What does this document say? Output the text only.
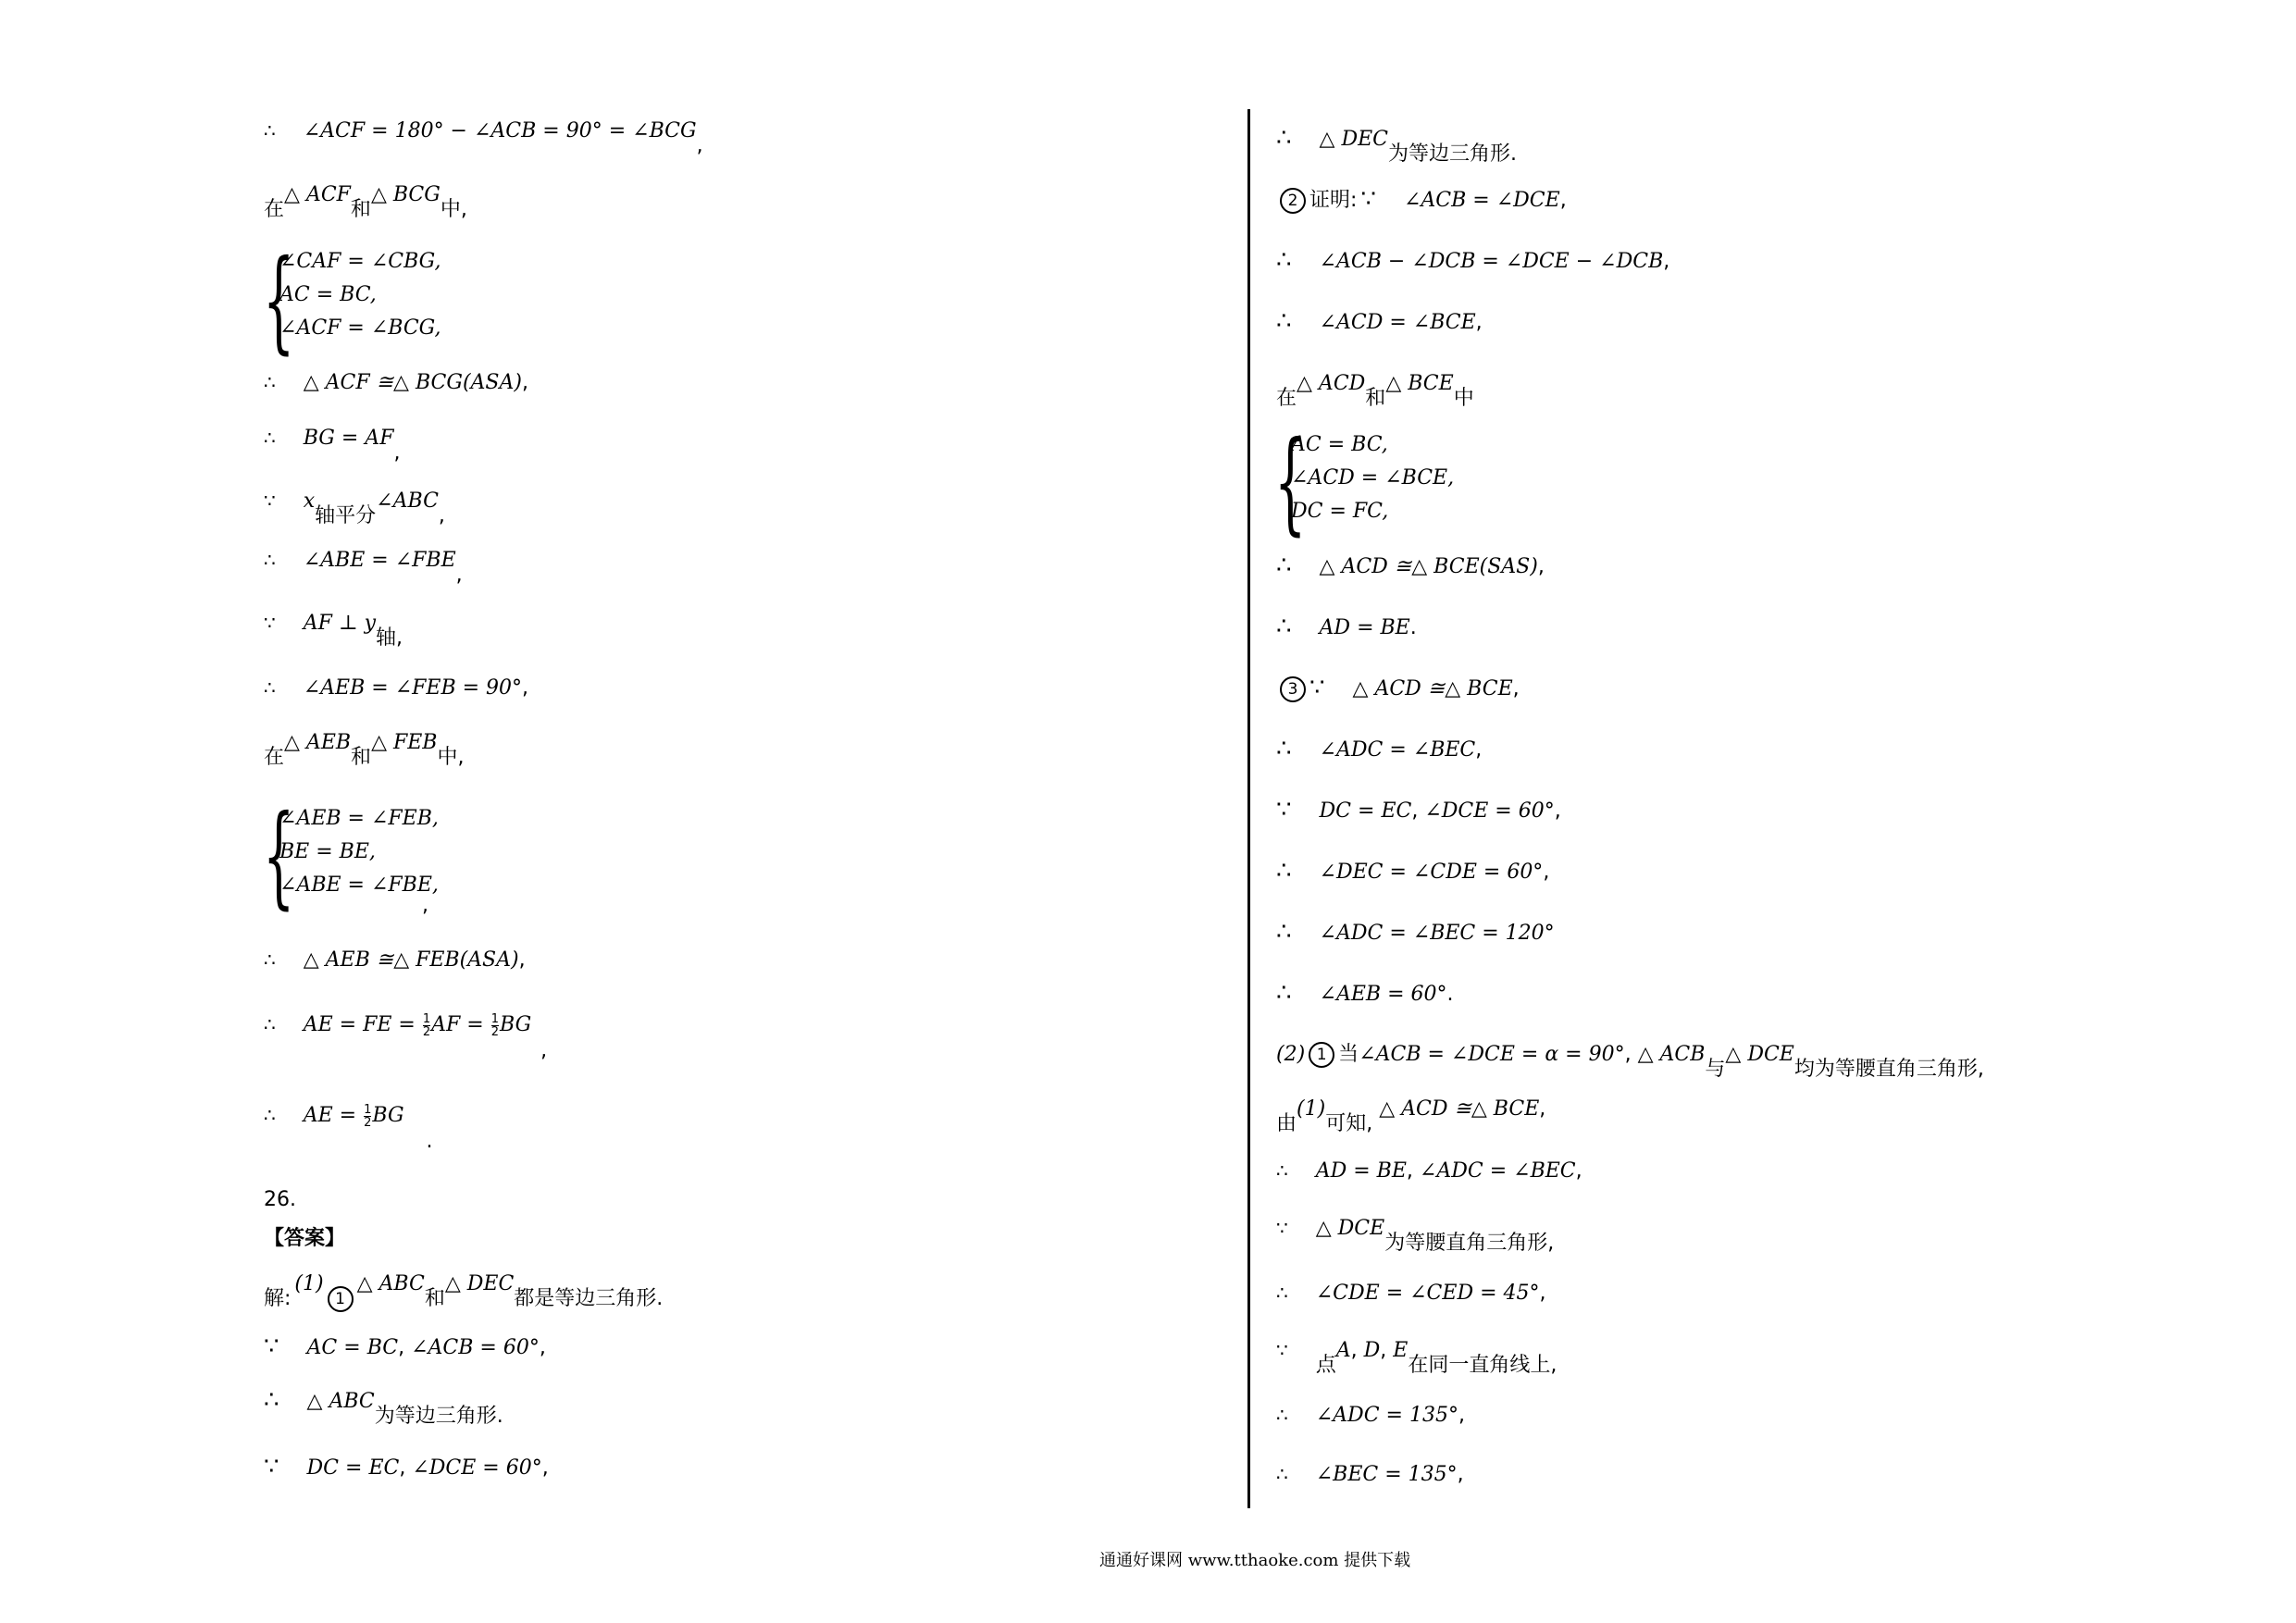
∴ ∠ACF = 180° − ∠ACB = 90° = ∠BCG,
在△ ACF和△ BCG中,
{
∠CAF = ∠CBG,
AC = BC,
∠ACF = ∠BCG,
∴ △ ACF ≅△ BCG(ASA),
∴ BG = AF,
∵ x轴平分∠ABC,
∴ ∠ABE = ∠FBE,
∵ AF ⊥ y轴,
∴ ∠AEB = ∠FEB = 90°,
在△ AEB和△ FEB中,
{
∠AEB = ∠FEB,
BE = BE,
∠ABE = ∠FBE,
,
∴ △ AEB ≅△ FEB(ASA),
∴ AE = FE = $\frac{1}{2}$ AF = $\frac{1}{2}$ BG,
∴ AE = $\frac{1}{2}$ BG.
26.
【答案】
解:(1)1△ ABC和△ DEC都是等边三角形.
∵ AC = BC, ∠ACB = 60°,
∴ △ ABC为等边三角形.
∵ DC = EC, ∠DCE = 60°,
∴ △ DEC为等边三角形.
2 证明: ∵ ∠ACB = ∠DCE,
∴ ∠ACB − ∠DCB = ∠DCE − ∠DCB,
∴ ∠ACD = ∠BCE,
在△ ACD和△ BCE中
{
AC = BC,
∠ACD = ∠BCE,
DC = FC,
∴ △ ACD ≅△ BCE(SAS),
∴ AD = BE.
3 ∵ △ ACD ≅△ BCE,
∴ ∠ADC = ∠BEC,
∵ DC = EC, ∠DCE = 60°,
∴ ∠DEC = ∠CDE = 60°,
∴ ∠ADC = ∠BEC = 120°
∴ ∠AEB = 60°.
(2) 1 当∠ACB = ∠DCE = α = 90°, △ ACB与△ DCE均为等腰直角三角形,
由(1)可知, △ ACD ≅△ BCE,
∴ AD = BE, ∠ADC = ∠BEC,
∵ △ DCE为等腰直角三角形,
∴ ∠CDE = ∠CED = 45°,
∵点A, D, E在同一直角线上,
∴ ∠ADC = 135°,
∴ ∠BEC = 135°,
通通好课网 www.tthaoke.com 提供下载
